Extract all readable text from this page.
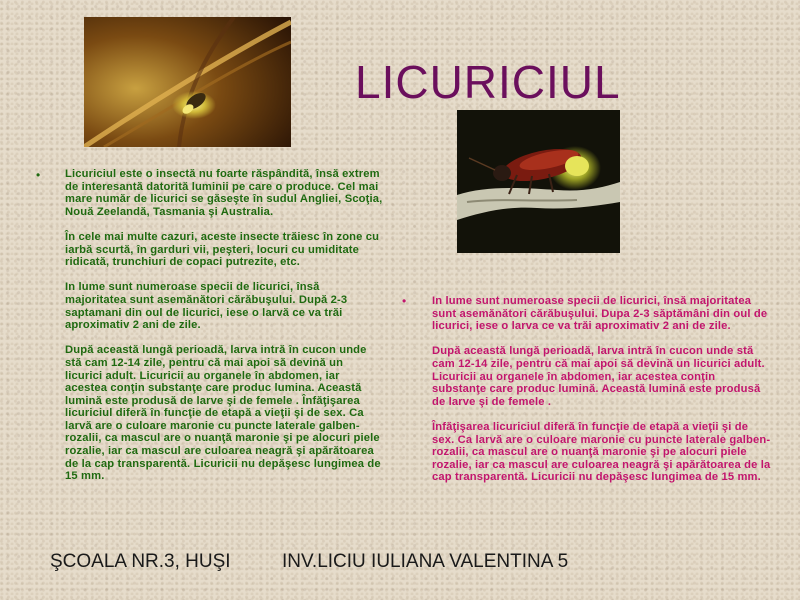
LICURICIUL
• Licuriciul este o insectă nu foarte răspândită, însă extrem de interesantă datorită luminii pe care o produce. Cel mai mare număr de licurici se găseşte în sudul Angliei, Scoţia, Nouă Zeelandă, Tasmania şi Australia.

În cele mai multe cazuri, aceste insecte trăiesc în zone cu iarbă scurtă, în garduri vii, peşteri, locuri cu umiditate ridicată, trunchiuri de copaci putrezite, etc.

In lume sunt numeroase specii de licurici, însă majoritatea sunt asemănători cărăbuşului. După 2-3 saptamani din oul de licurici, iese o larvă ce va trăi aproximativ 2 ani de zile.

După această lungă perioadă, larva intră în cucon unde stă cam 12-14 zile, pentru că mai apoi să devină un licurici adult. Licuricii au organele în abdomen, iar acestea conţin substanţe care produc lumina. Această lumină este produsă de larve şi de femele . Înfăţişarea licuriciul diferă în funcţie de etapă a vieţii şi de sex. Ca larvă are o culoare maronie cu puncte laterale galben-rozalii, ca mascul are o nuanţă maronie şi pe alocuri piele rozalie, iar ca mascul are culoarea neagră şi apărătoarea de la cap transparentă. Licuricii nu depăşesc lungimea de 15 mm.

• In lume sunt numeroase specii de licurici, însă majoritatea sunt asemănători cărăbuşului. Dupa 2-3 săptămâni din oul de licurici, iese o larva ce va trăi aproximativ 2 ani de zile.

După această lungă perioadă, larva intră în cucon unde stă cam 12-14 zile, pentru că mai apoi să devină un licurici adult. Licuricii au organele în abdomen, iar acestea conţin substanţe care produc lumină. Această lumină este produsă de larve şi de femele .

Înfăţişarea licuriciul diferă în funcţie de etapă a vieţii şi de sex. Ca larvă are o culoare maronie cu puncte laterale galben-rozalii, ca mascul are o nuanţă maronie şi pe alocuri piele rozalie, iar ca mascul are culoarea neagră şi apărătoarea de la cap transparentă. Licuricii nu depăşesc lungimea de 15 mm.

ŞCOALA NR.3, HUŞI	INV.LICIU IULIANA VALENTINA 5
